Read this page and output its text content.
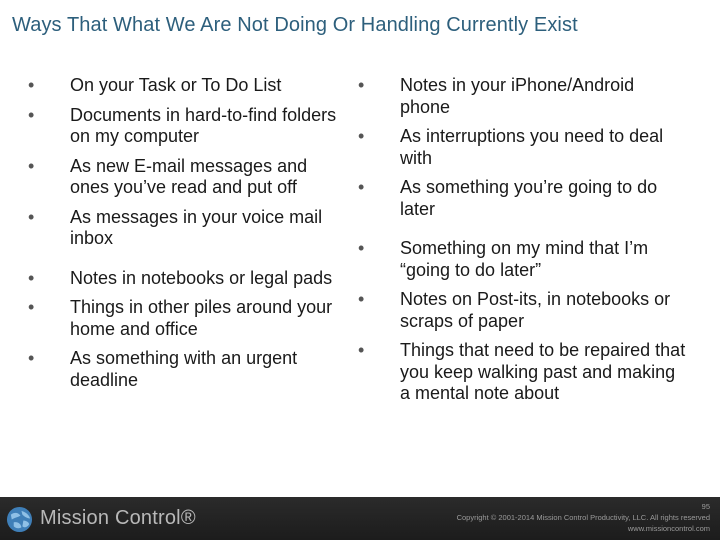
Ways That What We Are Not Doing Or Handling Currently Exist
•	On your Task or To Do List
•	Documents in hard-to-find folders on my computer
•	As new E-mail messages and ones you’ve read and put off
•	As messages in your voice mail inbox
•	Notes in notebooks or legal pads
•	Things in other piles around your home and office
•	As something with an urgent deadline
•	Notes in your iPhone/Android phone
•	As interruptions you need to deal with
•	As something you’re going to do later
•	Something on my mind that I’m “going to do later”
•	Notes on Post-its, in notebooks or scraps of paper
•	Things that need to be repaired that you keep walking past and making a mental note about
Mission Control®
95
Copyright © 2001-2014 Mission Control Productivity, LLC. All rights reserved
www.missioncontrol.com
